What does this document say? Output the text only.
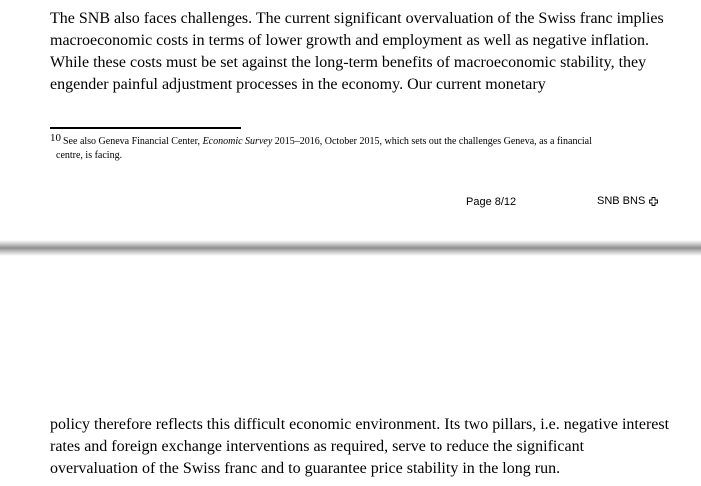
The SNB also faces challenges. The current significant overvaluation of the Swiss franc implies macroeconomic costs in terms of lower growth and employment as well as negative inflation. While these costs must be set against the long-term benefits of macroeconomic stability, they engender painful adjustment processes in the economy. Our current monetary

10 See also Geneva Financial Center, Economic Survey 2015–2016, October 2015, which sets out the challenges Geneva, as a financial
centre, is facing.

Page 8/12	SNB BNS

policy therefore reflects this difficult economic environment. Its two pillars, i.e. negative interest rates and foreign exchange interventions as required, serve to reduce the significant overvaluation of the Swiss franc and to guarantee price stability in the long run.
